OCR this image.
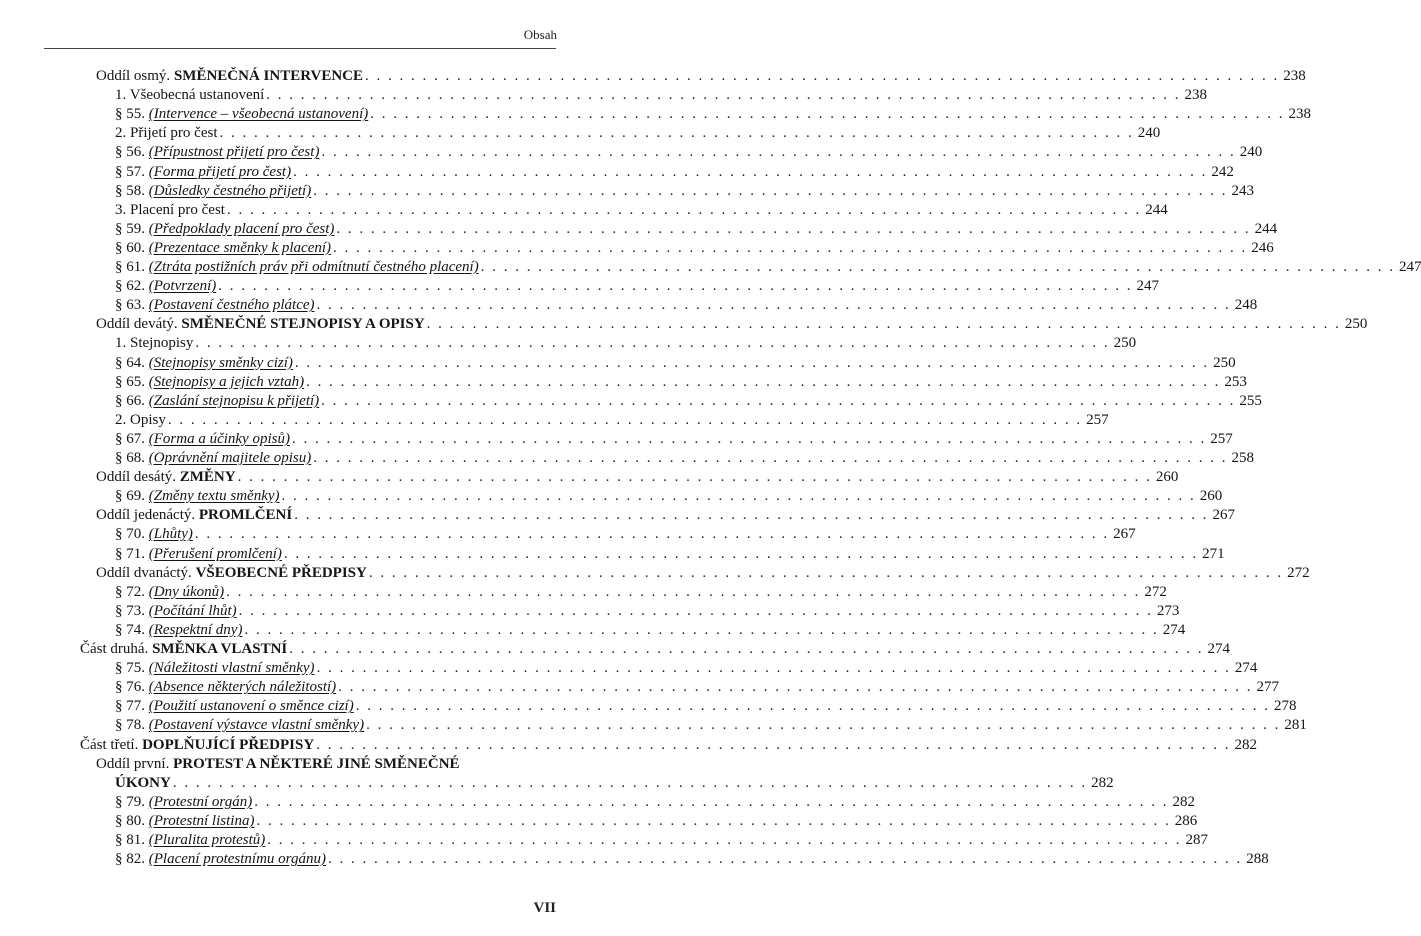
Obsah
Oddíl osmý. SMĚNEČNÁ INTERVENCE . . . . . . . . . . . . . . . . . . . . . . . . . . . . . . . . . . . . . . . . . . . . . . . . . . . . . . . . . . . . . . . . . . . . . . . . . . . . . . . . 238
1. Všeobecná ustanovení . . . . . . . . . . . . . . . . . . . . . . . . . . . . . . . . . . . . . . . . . . . . . . . . . . . . . . . . . . . . . . . . . . . . . . . . . . . . . . . . 238
§ 55. (Intervence – všeobecná ustanovení) . . . . . . . . . . . . . . . . . . . . . . . . . . . . . . . . . . . . . . . . . . . . . . . . . . . . . . . . . . . . . . . . . . . . . . . . . . . . . . . . 238
2. Přijetí pro čest . . . . . . . . . . . . . . . . . . . . . . . . . . . . . . . . . . . . . . . . . . . . . . . . . . . . . . . . . . . . . . . . . . . . . . . . . . . . . . . . 240
§ 56. (Přípustnost přijetí pro čest) . . . . . . . . . . . . . . . . . . . . . . . . . . . . . . . . . . . . . . . . . . . . . . . . . . . . . . . . . . . . . . . . . . . . . . . . . . . . . . . . 240
§ 57. (Forma přijetí pro čest) . . . . . . . . . . . . . . . . . . . . . . . . . . . . . . . . . . . . . . . . . . . . . . . . . . . . . . . . . . . . . . . . . . . . . . . . . . . . . . . . 242
§ 58. (Důsledky čestného přijetí) . . . . . . . . . . . . . . . . . . . . . . . . . . . . . . . . . . . . . . . . . . . . . . . . . . . . . . . . . . . . . . . . . . . . . . . . . . . . . . . . 243
3. Placení pro čest . . . . . . . . . . . . . . . . . . . . . . . . . . . . . . . . . . . . . . . . . . . . . . . . . . . . . . . . . . . . . . . . . . . . . . . . . . . . . . . . 244
§ 59. (Předpoklady placení pro čest) . . . . . . . . . . . . . . . . . . . . . . . . . . . . . . . . . . . . . . . . . . . . . . . . . . . . . . . . . . . . . . . . . . . . . . . . . . . . . . . . 244
§ 60. (Prezentace směnky k placení) . . . . . . . . . . . . . . . . . . . . . . . . . . . . . . . . . . . . . . . . . . . . . . . . . . . . . . . . . . . . . . . . . . . . . . . . . . . . . . . . 246
§ 61. (Ztráta postižních práv při odmítnutí čestného placení) . . . . . . . . . . . . . . . . . . . . . . . . . . . . . . . . . . . . . . . . . . . . . . . . . . . . . . . . . . . . . . . . . . . . . . . . . . . . . . . . 247
§ 62. (Potvrzení) . . . . . . . . . . . . . . . . . . . . . . . . . . . . . . . . . . . . . . . . . . . . . . . . . . . . . . . . . . . . . . . . . . . . . . . . . . . . . . . . 247
§ 63. (Postavení čestného plátce) . . . . . . . . . . . . . . . . . . . . . . . . . . . . . . . . . . . . . . . . . . . . . . . . . . . . . . . . . . . . . . . . . . . . . . . . . . . . . . . . 248
Oddíl devátý. SMĚNEČNÉ STEJNOPISY A OPISY . . . . . . . . . . . . . . . . . . . . . . . . . . . . . . . . . . . . . . . . . . . . . . . . . . . . . . . . . . . . . . . . . . . . . . . . . . . . . . . . 250
1. Stejnopisy . . . . . . . . . . . . . . . . . . . . . . . . . . . . . . . . . . . . . . . . . . . . . . . . . . . . . . . . . . . . . . . . . . . . . . . . . . . . . . . . 250
§ 64. (Stejnopisy směnky cizí) . . . . . . . . . . . . . . . . . . . . . . . . . . . . . . . . . . . . . . . . . . . . . . . . . . . . . . . . . . . . . . . . . . . . . . . . . . . . . . . . 250
§ 65. (Stejnopisy a jejich vztah) . . . . . . . . . . . . . . . . . . . . . . . . . . . . . . . . . . . . . . . . . . . . . . . . . . . . . . . . . . . . . . . . . . . . . . . . . . . . . . . . 253
§ 66. (Zaslání stejnopisu k přijetí) . . . . . . . . . . . . . . . . . . . . . . . . . . . . . . . . . . . . . . . . . . . . . . . . . . . . . . . . . . . . . . . . . . . . . . . . . . . . . . . . 255
2. Opisy . . . . . . . . . . . . . . . . . . . . . . . . . . . . . . . . . . . . . . . . . . . . . . . . . . . . . . . . . . . . . . . . . . . . . . . . . . . . . . . . 257
§ 67. (Forma a účinky opisů) . . . . . . . . . . . . . . . . . . . . . . . . . . . . . . . . . . . . . . . . . . . . . . . . . . . . . . . . . . . . . . . . . . . . . . . . . . . . . . . . 257
§ 68. (Oprávnění majitele opisu) . . . . . . . . . . . . . . . . . . . . . . . . . . . . . . . . . . . . . . . . . . . . . . . . . . . . . . . . . . . . . . . . . . . . . . . . . . . . . . . . 258
Oddíl desátý. ZMĚNY . . . . . . . . . . . . . . . . . . . . . . . . . . . . . . . . . . . . . . . . . . . . . . . . . . . . . . . . . . . . . . . . . . . . . . . . . . . . . . . . 260
§ 69. (Změny textu směnky) . . . . . . . . . . . . . . . . . . . . . . . . . . . . . . . . . . . . . . . . . . . . . . . . . . . . . . . . . . . . . . . . . . . . . . . . . . . . . . . . 260
Oddíl jedenáctý. PROMLČENÍ . . . . . . . . . . . . . . . . . . . . . . . . . . . . . . . . . . . . . . . . . . . . . . . . . . . . . . . . . . . . . . . . . . . . . . . . . . . . . . . . 267
§ 70. (Lhůty) . . . . . . . . . . . . . . . . . . . . . . . . . . . . . . . . . . . . . . . . . . . . . . . . . . . . . . . . . . . . . . . . . . . . . . . . . . . . . . . . 267
§ 71. (Přerušení promlčení) . . . . . . . . . . . . . . . . . . . . . . . . . . . . . . . . . . . . . . . . . . . . . . . . . . . . . . . . . . . . . . . . . . . . . . . . . . . . . . . . 271
Oddíl dvanáctý. VŠEOBECNÉ PŘEDPISY . . . . . . . . . . . . . . . . . . . . . . . . . . . . . . . . . . . . . . . . . . . . . . . . . . . . . . . . . . . . . . . . . . . . . . . . . . . . . . . . 272
§ 72. (Dny úkonů) . . . . . . . . . . . . . . . . . . . . . . . . . . . . . . . . . . . . . . . . . . . . . . . . . . . . . . . . . . . . . . . . . . . . . . . . . . . . . . . . 272
§ 73. (Počítání lhůt) . . . . . . . . . . . . . . . . . . . . . . . . . . . . . . . . . . . . . . . . . . . . . . . . . . . . . . . . . . . . . . . . . . . . . . . . . . . . . . . . 273
§ 74. (Respektní dny) . . . . . . . . . . . . . . . . . . . . . . . . . . . . . . . . . . . . . . . . . . . . . . . . . . . . . . . . . . . . . . . . . . . . . . . . . . . . . . . . 274
Část druhá. SMĚNKA VLASTNÍ . . . . . . . . . . . . . . . . . . . . . . . . . . . . . . . . . . . . . . . . . . . . . . . . . . . . . . . . . . . . . . . . . . . . . . . . . . . . . . . . 274
§ 75. (Náležitosti vlastní směnky) . . . . . . . . . . . . . . . . . . . . . . . . . . . . . . . . . . . . . . . . . . . . . . . . . . . . . . . . . . . . . . . . . . . . . . . . . . . . . . . . 274
§ 76. (Absence některých náležitostí) . . . . . . . . . . . . . . . . . . . . . . . . . . . . . . . . . . . . . . . . . . . . . . . . . . . . . . . . . . . . . . . . . . . . . . . . . . . . . . . . 277
§ 77. (Použití ustanovení o směnce cizí) . . . . . . . . . . . . . . . . . . . . . . . . . . . . . . . . . . . . . . . . . . . . . . . . . . . . . . . . . . . . . . . . . . . . . . . . . . . . . . . . 278
§ 78. (Postavení výstavce vlastní směnky) . . . . . . . . . . . . . . . . . . . . . . . . . . . . . . . . . . . . . . . . . . . . . . . . . . . . . . . . . . . . . . . . . . . . . . . . . . . . . . . . 281
Část třetí. DOPLŇUJÍCÍ PŘEDPISY . . . . . . . . . . . . . . . . . . . . . . . . . . . . . . . . . . . . . . . . . . . . . . . . . . . . . . . . . . . . . . . . . . . . . . . . . . . . . . . . 282
Oddíl první. PROTEST A NĚKTERÉ JINÉ SMĚNEČNÉ
ÚKONY . . . . . . . . . . . . . . . . . . . . . . . . . . . . . . . . . . . . . . . . . . . . . . . . . . . . . . . . . . . . . . . . . . . . . . . . . . . . . . . . 282
§ 79. (Protestní orgán) . . . . . . . . . . . . . . . . . . . . . . . . . . . . . . . . . . . . . . . . . . . . . . . . . . . . . . . . . . . . . . . . . . . . . . . . . . . . . . . . 282
§ 80. (Protestní listina) . . . . . . . . . . . . . . . . . . . . . . . . . . . . . . . . . . . . . . . . . . . . . . . . . . . . . . . . . . . . . . . . . . . . . . . . . . . . . . . . 286
§ 81. (Pluralita protestů) . . . . . . . . . . . . . . . . . . . . . . . . . . . . . . . . . . . . . . . . . . . . . . . . . . . . . . . . . . . . . . . . . . . . . . . . . . . . . . . . 287
§ 82. (Placení protestnímu orgánu) . . . . . . . . . . . . . . . . . . . . . . . . . . . . . . . . . . . . . . . . . . . . . . . . . . . . . . . . . . . . . . . . . . . . . . . . . . . . . . . . 288
VII
